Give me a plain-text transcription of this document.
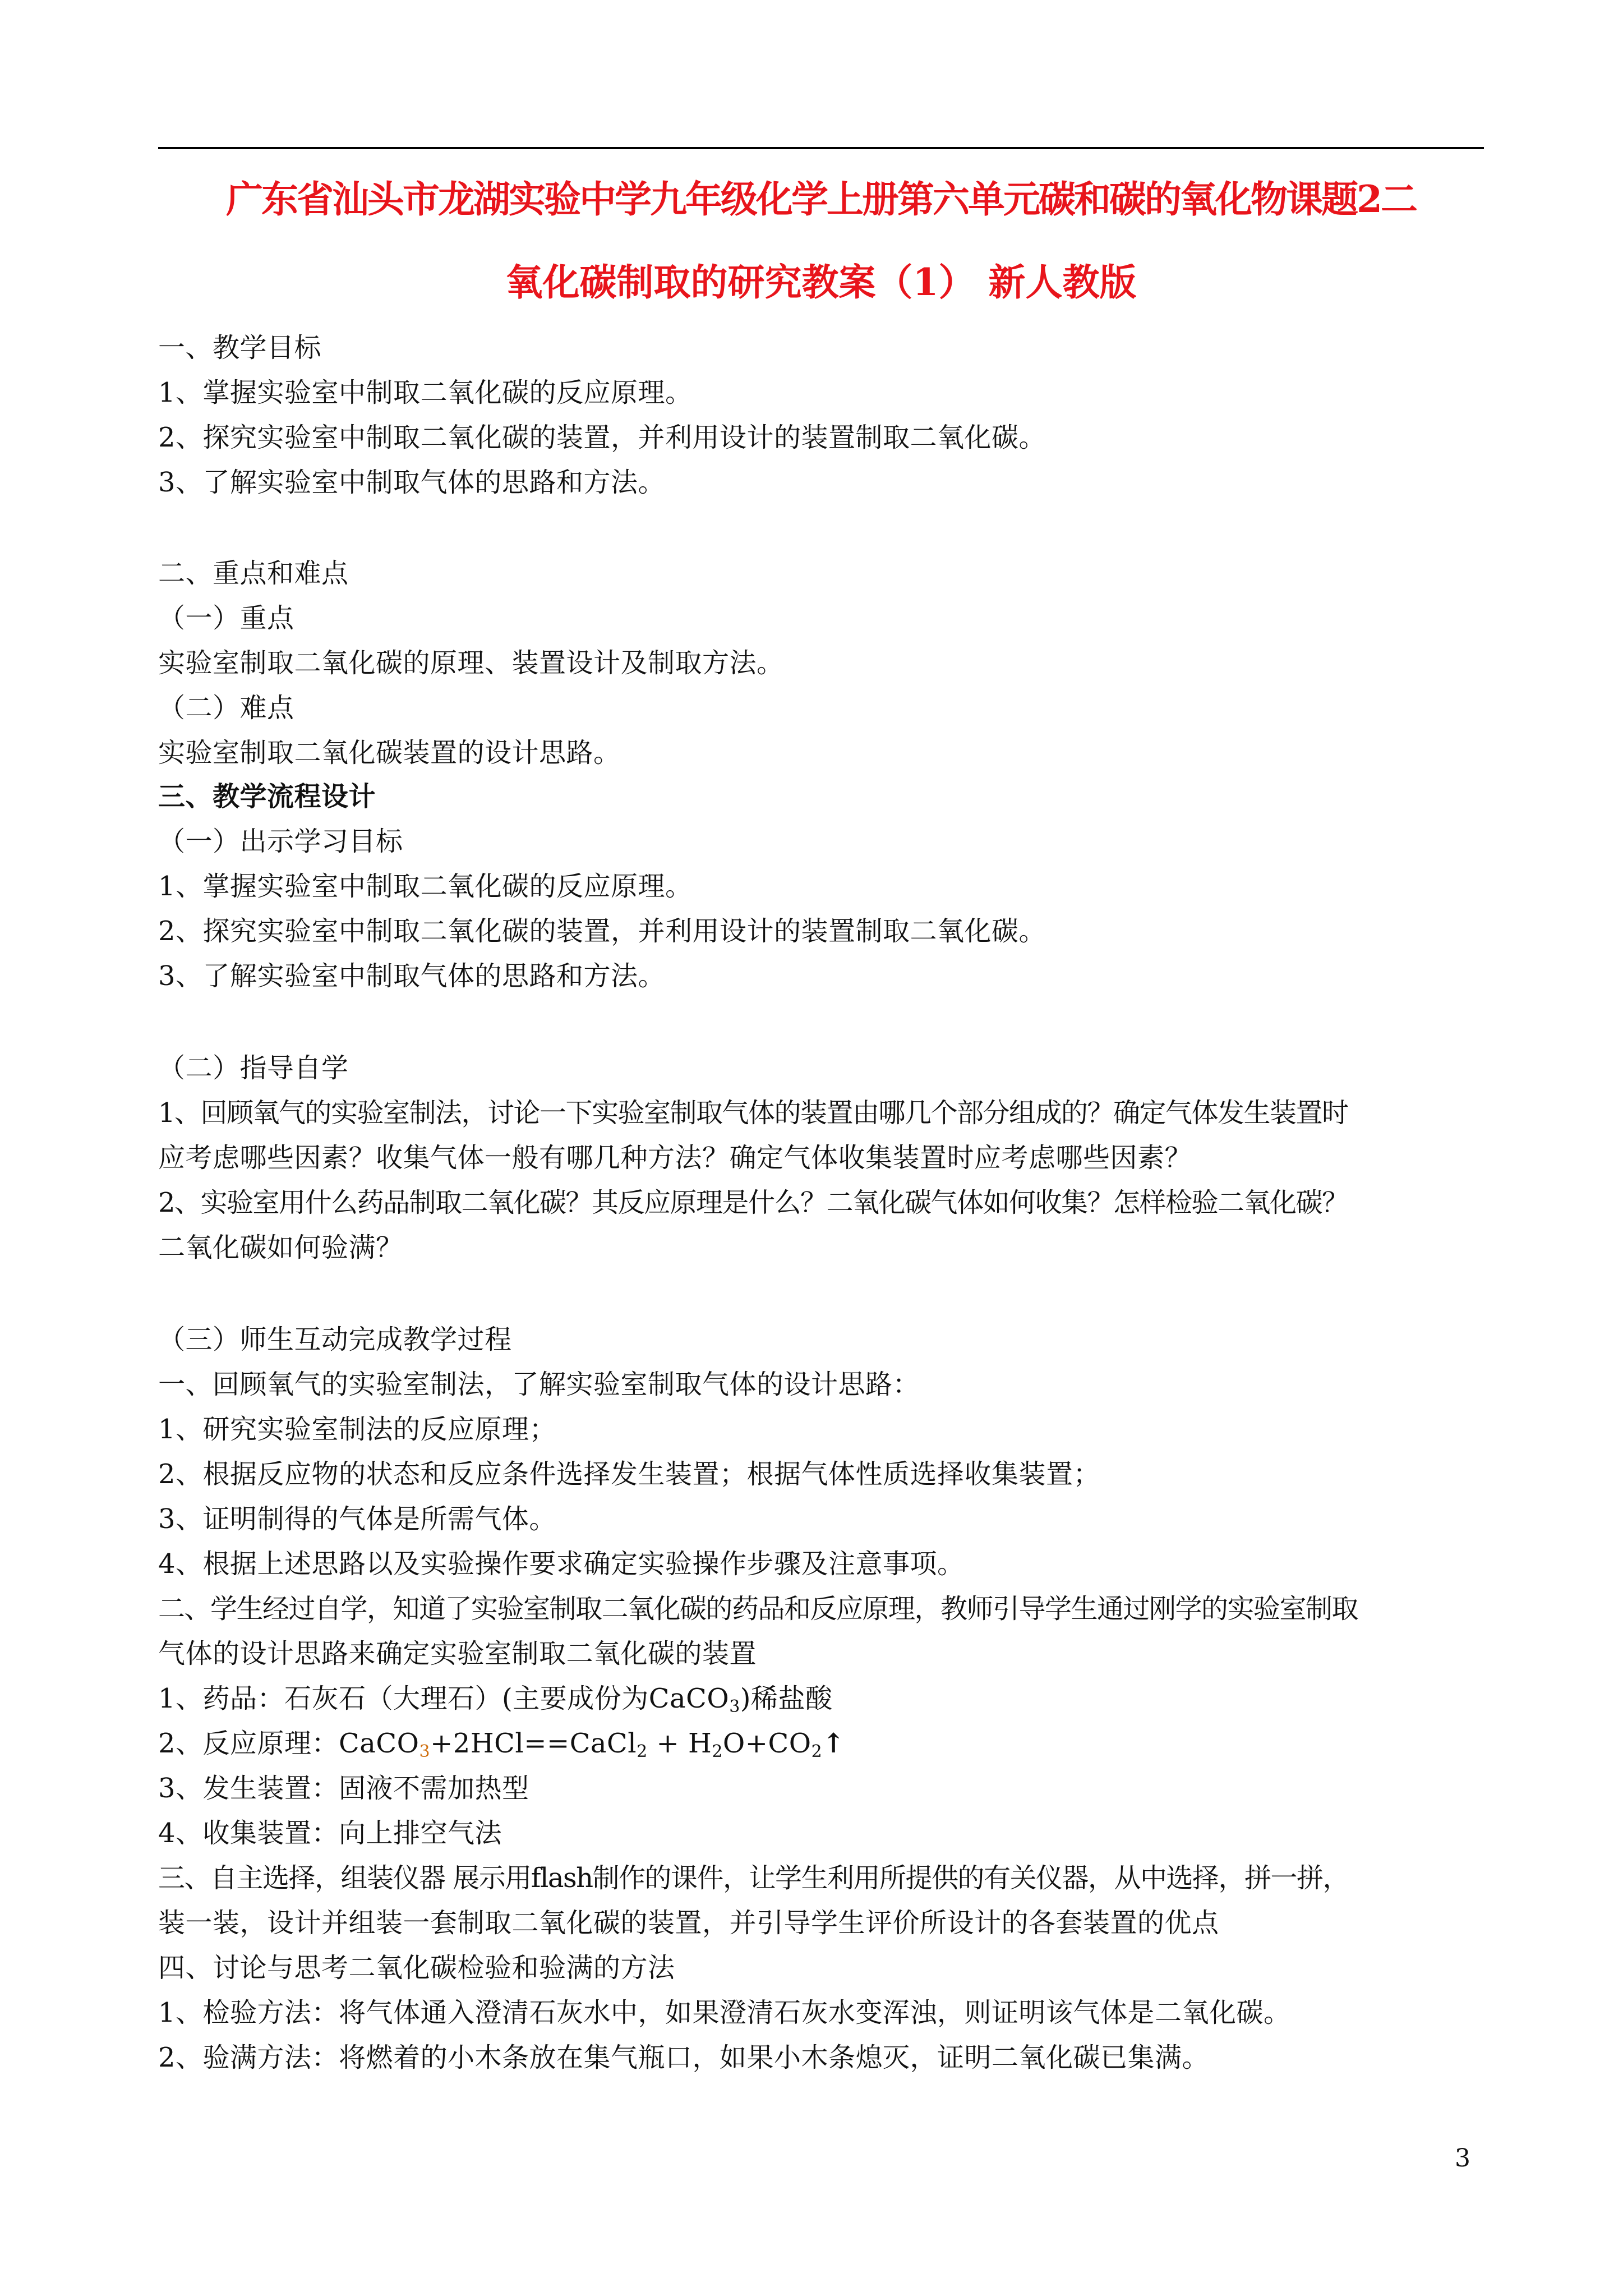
广东省汕头市龙湖实验中学九年级化学上册第六单元碳和碳的氧化物课题2二
氧化碳制取的研究教案（1） 新人教版
一、教学目标
1、掌握实验室中制取二氧化碳的反应原理。
2、探究实验室中制取二氧化碳的装置，并利用设计的装置制取二氧化碳。
3、了解实验室中制取气体的思路和方法。
二、重点和难点
（一）重点
实验室制取二氧化碳的原理、装置设计及制取方法。
（二）难点
实验室制取二氧化碳装置的设计思路。
三、教学流程设计
（一）出示学习目标
1、掌握实验室中制取二氧化碳的反应原理。
2、探究实验室中制取二氧化碳的装置，并利用设计的装置制取二氧化碳。
3、了解实验室中制取气体的思路和方法。
（二）指导自学
1、回顾氧气的实验室制法，讨论一下实验室制取气体的装置由哪几个部分组成的？确定气体发生装置时
应考虑哪些因素？收集气体一般有哪几种方法？确定气体收集装置时应考虑哪些因素？
2、实验室用什么药品制取二氧化碳？其反应原理是什么？二氧化碳气体如何收集？怎样检验二氧化碳？
二氧化碳如何验满？
（三）师生互动完成教学过程
一、回顾氧气的实验室制法，了解实验室制取气体的设计思路：
1、研究实验室制法的反应原理；
2、根据反应物的状态和反应条件选择发生装置；根据气体性质选择收集装置；
3、证明制得的气体是所需气体。
4、根据上述思路以及实验操作要求确定实验操作步骤及注意事项。
二、学生经过自学，知道了实验室制取二氧化碳的药品和反应原理，教师引导学生通过刚学的实验室制取
气体的设计思路来确定实验室制取二氧化碳的装置
1、药品：石灰石（大理石）(主要成份为CaCO$_3$)稀盐酸
2、反应原理：CaCO$_3$+2HCl==CaCl$_2$ + $H_2O+CO_2↑$
3、发生装置：固液不需加热型
4、收集装置：向上排空气法
三、自主选择，组装仪器 展示用flash制作的课件，让学生利用所提供的有关仪器，从中选择，拼一拼，
装一装，设计并组装一套制取二氧化碳的装置，并引导学生评价所设计的各套装置的优点
四、讨论与思考二氧化碳检验和验满的方法
1、检验方法：将气体通入澄清石灰水中，如果澄清石灰水变浑浊，则证明该气体是二氧化碳。
2、验满方法：将燃着的小木条放在集气瓶口，如果小木条熄灭，证明二氧化碳已集满。
3
